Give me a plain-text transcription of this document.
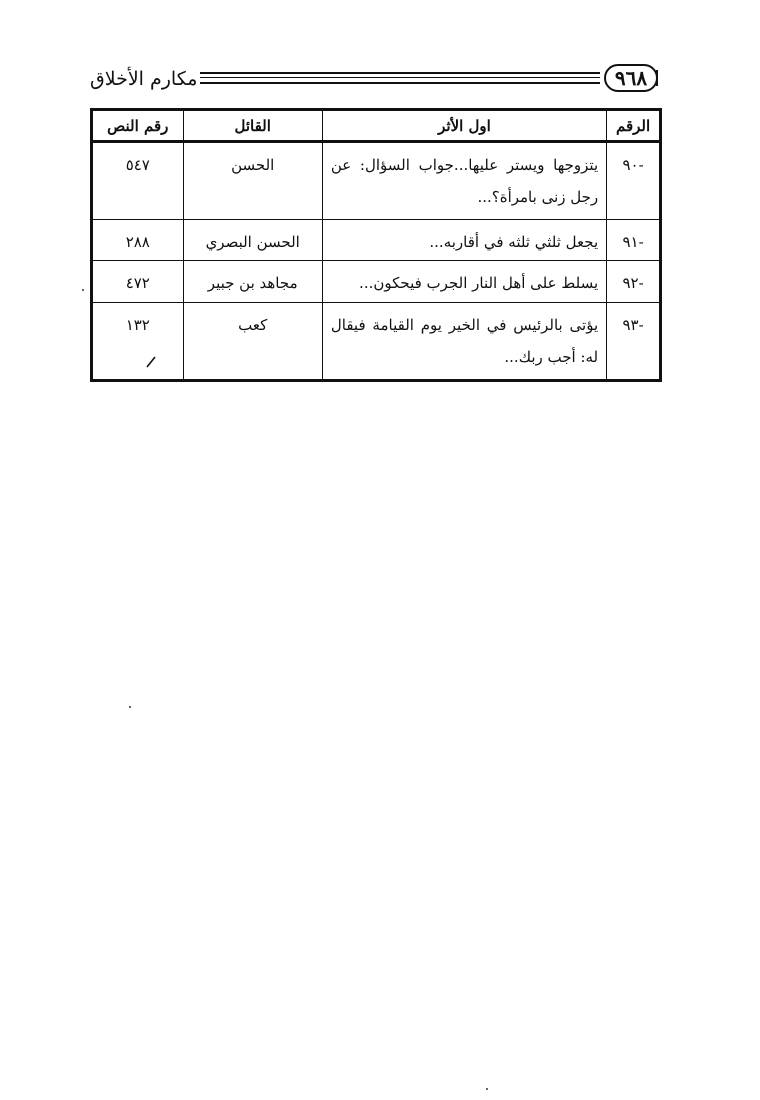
مكارم الأخلاق	٩٦٨
الرقم	اول الأثر	القائل	رقم النص
-٩٠	يتزوجها ويستر عليها...جواب السؤال: عن رجل زنى بامرأة؟...	الحسن	٥٤٧
-٩١	يجعل ثلثي ثلثه في أقاربه...	الحسن البصري	٢٨٨
-٩٢	يسلط على أهل النار الجرب فيحكون...	مجاهد بن جبير	٤٧٢
-٩٣	يؤتى بالرئيس في الخير يوم القيامة فيقال له: أجب ربك...	كعب	١٣٢
